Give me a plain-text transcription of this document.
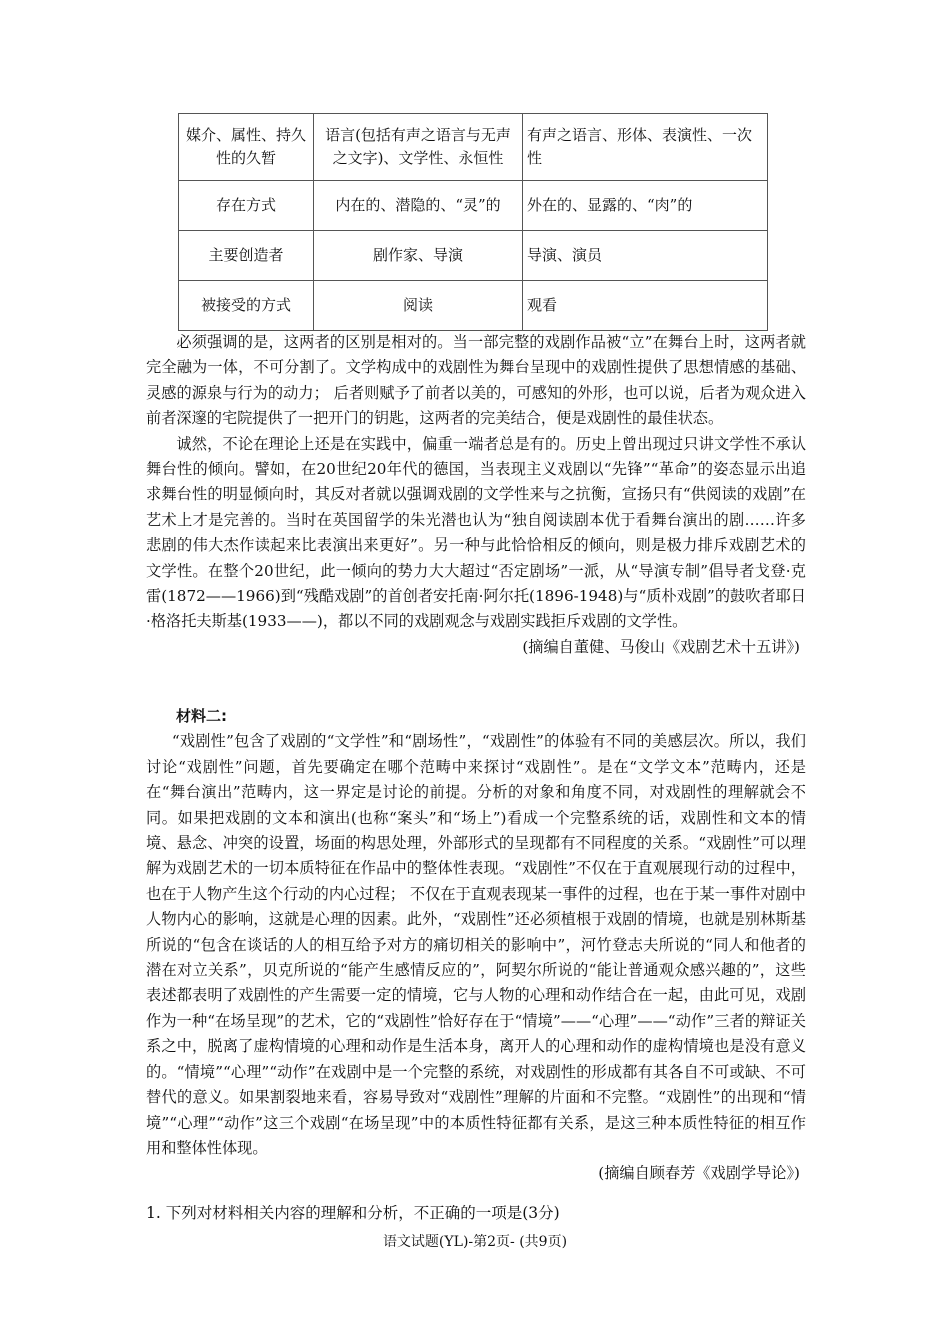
媒介、属性、持久性的久暂	语言(包括有声之语言与无声之文字)、文学性、永恒性	有声之语言、形体、表演性、一次性
存在方式	内在的、潜隐的、“灵”的	外在的、显露的、“肉”的
主要创造者	剧作家、导演	导演、演员
被接受的方式	阅读	观看

必须强调的是，这两者的区别是相对的。当一部完整的戏剧作品被“立”在舞台上时，这两者就完全融为一体，不可分割了。文学构成中的戏剧性为舞台呈现中的戏剧性提供了思想情感的基础、灵感的源泉与行为的动力； 后者则赋予了前者以美的，可感知的外形，也可以说，后者为观众进入前者深邃的宅院提供了一把开门的钥匙，这两者的完美结合，便是戏剧性的最佳状态。

诚然，不论在理论上还是在实践中，偏重一端者总是有的。历史上曾出现过只讲文学性不承认舞台性的倾向。譬如，在20世纪20年代的德国，当表现主义戏剧以“先锋”“革命”的姿态显示出追求舞台性的明显倾向时，其反对者就以强调戏剧的文学性来与之抗衡，宣扬只有“供阅读的戏剧”在艺术上才是完善的。当时在英国留学的朱光潜也认为“独自阅读剧本优于看舞台演出的剧……许多悲剧的伟大杰作读起来比表演出来更好”。另一种与此恰恰相反的倾向，则是极力排斥戏剧艺术的文学性。在整个20世纪，此一倾向的势力大大超过“否定剧场”一派，从“导演专制”倡导者戈登·克雷(1872——1966)到“残酷戏剧”的首创者安托南·阿尔托(1896-1948)与“质朴戏剧”的鼓吹者耶日·格洛托夫斯基(1933——)，都以不同的戏剧观念与戏剧实践拒斥戏剧的文学性。

(摘编自董健、马俊山《戏剧艺术十五讲》)

材料二:

“戏剧性”包含了戏剧的“文学性”和“剧场性”，“戏剧性”的体验有不同的美感层次。所以，我们讨论“戏剧性”问题，首先要确定在哪个范畴中来探讨“戏剧性”。是在“文学文本”范畴内，还是在“舞台演出”范畴内，这一界定是讨论的前提。分析的对象和角度不同，对戏剧性的理解就会不同。如果把戏剧的文本和演出(也称“案头”和“场上”)看成一个完整系统的话，戏剧性和文本的情境、悬念、冲突的设置，场面的构思处理，外部形式的呈现都有不同程度的关系。“戏剧性”可以理解为戏剧艺术的一切本质特征在作品中的整体性表现。“戏剧性”不仅在于直观展现行动的过程中，也在于人物产生这个行动的内心过程； 不仅在于直观表现某一事件的过程，也在于某一事件对剧中人物内心的影响，这就是心理的因素。此外，“戏剧性”还必须植根于戏剧的情境，也就是别林斯基所说的“包含在谈话的人的相互给予对方的痛切相关的影响中”，河竹登志夫所说的“同人和他者的潜在对立关系”，贝克所说的“能产生感情反应的”，阿契尔所说的“能让普通观众感兴趣的”，这些表述都表明了戏剧性的产生需要一定的情境，它与人物的心理和动作结合在一起，由此可见，戏剧作为一种“在场呈现”的艺术，它的“戏剧性”恰好存在于“情境”——“心理”——“动作”三者的辩证关系之中，脱离了虚构情境的心理和动作是生活本身，离开人的心理和动作的虚构情境也是没有意义的。“情境”“心理”“动作”在戏剧中是一个完整的系统，对戏剧性的形成都有其各自不可或缺、不可替代的意义。如果割裂地来看，容易导致对“戏剧性”理解的片面和不完整。“戏剧性”的出现和“情境”“心理”“动作”这三个戏剧“在场呈现”中的本质性特征都有关系，是这三种本质性特征的相互作用和整体性体现。

(摘编自顾春芳《戏剧学导论》)

1. 下列对材料相关内容的理解和分析，不正确的一项是(3分)
语文试题(YL)-第2页- (共9页)
